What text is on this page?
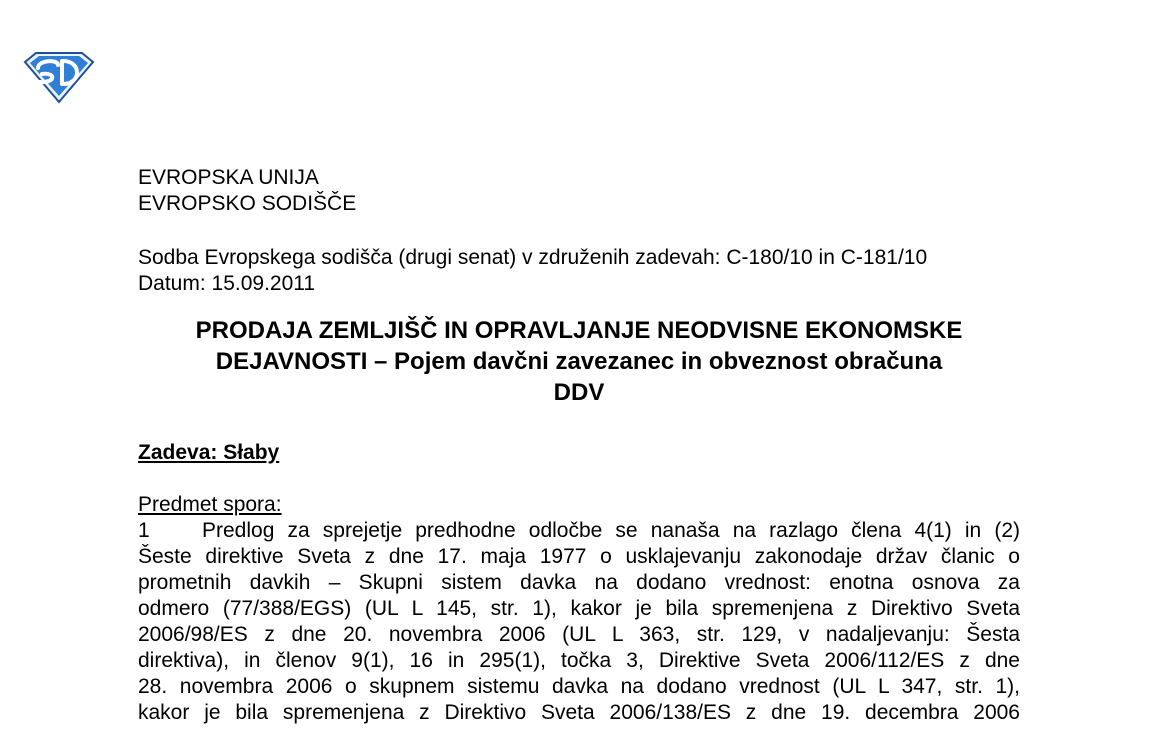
EVROPSKA UNIJA
EVROPSKO SODIŠČE
Sodba Evropskega sodišča (drugi senat) v združenih zadevah: C-180/10 in C-181/10
Datum: 15.09.2011
PRODAJA ZEMLJIŠČ IN OPRAVLJANJE NEODVISNE EKONOMSKE
DEJAVNOSTI – Pojem davčni zavezanec in obveznost obračuna
DDV
Zadeva: Słaby
Predmet spora:
1 Predlog za sprejetje predhodne odločbe se nanaša na razlago člena 4(1) in (2)
Šeste direktive Sveta z dne 17. maja 1977 o usklajevanju zakonodaje držav članic o
prometnih davkih – Skupni sistem davka na dodano vrednost: enotna osnova za
odmero (77/388/EGS) (UL L 145, str. 1), kakor je bila spremenjena z Direktivo Sveta
2006/98/ES z dne 20. novembra 2006 (UL L 363, str. 129, v nadaljevanju: Šesta
direktiva), in členov 9(1), 16 in 295(1), točka 3, Direktive Sveta 2006/112/ES z dne
28. novembra 2006 o skupnem sistemu davka na dodano vrednost (UL L 347, str. 1),
kakor je bila spremenjena z Direktivo Sveta 2006/138/ES z dne 19. decembra 2006
